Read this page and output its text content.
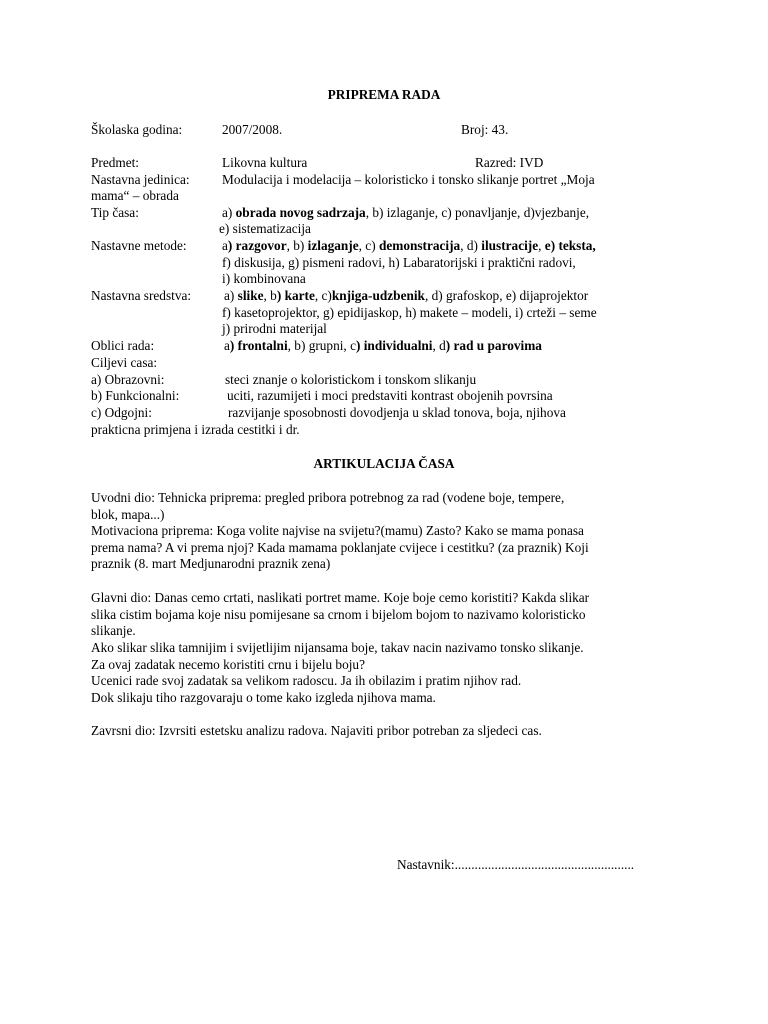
PRIPREMA RADA
Školaska godina:	2007/2008.	Broj: 43.
Predmet:	Likovna kultura	Razred: IVD
Nastavna jedinica: Modulacija i modelacija – koloristicko i tonsko slikanje portret „Moja
mama“ – obrada
Tip časa:	a) obrada novog sadrzaja, b) izlaganje, c) ponavljanje, d)vjezbanje,
e) sistematizacija
Nastavne metode:	a) razgovor, b) izlaganje, c) demonstracija, d) ilustracije, e) teksta,
f) diskusija, g) pismeni radovi, h) Labaratorijski i praktični radovi,
i) kombinovana
Nastavna sredstva: a) slike, b) karte, c)knjiga-udzbenik, d) grafoskop, e) dijaprojektor
f) kasetoprojektor, g) epidijaskop, h) makete – modeli, i) crteži – seme
j) prirodni materijal
Oblici rada:	a) frontalni, b) grupni, c) individualni, d) rad u parovima
Ciljevi casa:
a) Obrazovni:	steci znanje o koloristickom i tonskom slikanju
b) Funkcionalni:	uciti, razumijeti i moci predstaviti kontrast obojenih povrsina
c) Odgojni:	razvijanje sposobnosti dovodjenja u sklad tonova, boja, njihova
prakticna primjena i izrada cestitki i dr.
ARTIKULACIJA ČASA
Uvodni dio: Tehnicka priprema: pregled pribora potrebnog za rad (vodene boje, tempere,
blok, mapa...)
Motivaciona priprema: Koga volite najvise na svijetu?(mamu) Zasto? Kako se mama ponasa
prema nama? A vi prema njoj? Kada mamama poklanjate cvijece i cestitku? (za praznik) Koji
praznik (8. mart Medjunarodni praznik zena)
Glavni dio: Danas cemo crtati, naslikati portret mame. Koje boje cemo koristiti? Kakda slikar
slika cistim bojama koje nisu pomijesane sa crnom i bijelom bojom to nazivamo koloristicko
slikanje.
Ako slikar slika tamnijim i svijetlijim nijansama boje, takav nacin nazivamo tonsko slikanje.
Za ovaj zadatak necemo koristiti crnu i bijelu boju?
Ucenici rade svoj zadatak sa velikom radoscu. Ja ih obilazim i pratim njihov rad.
Dok slikaju tiho razgovaraju o tome kako izgleda njihova mama.
Zavrsni dio: Izvrsiti estetsku analizu radova. Najaviti pribor potreban za sljedeci cas.
Nastavnik:......................................................
